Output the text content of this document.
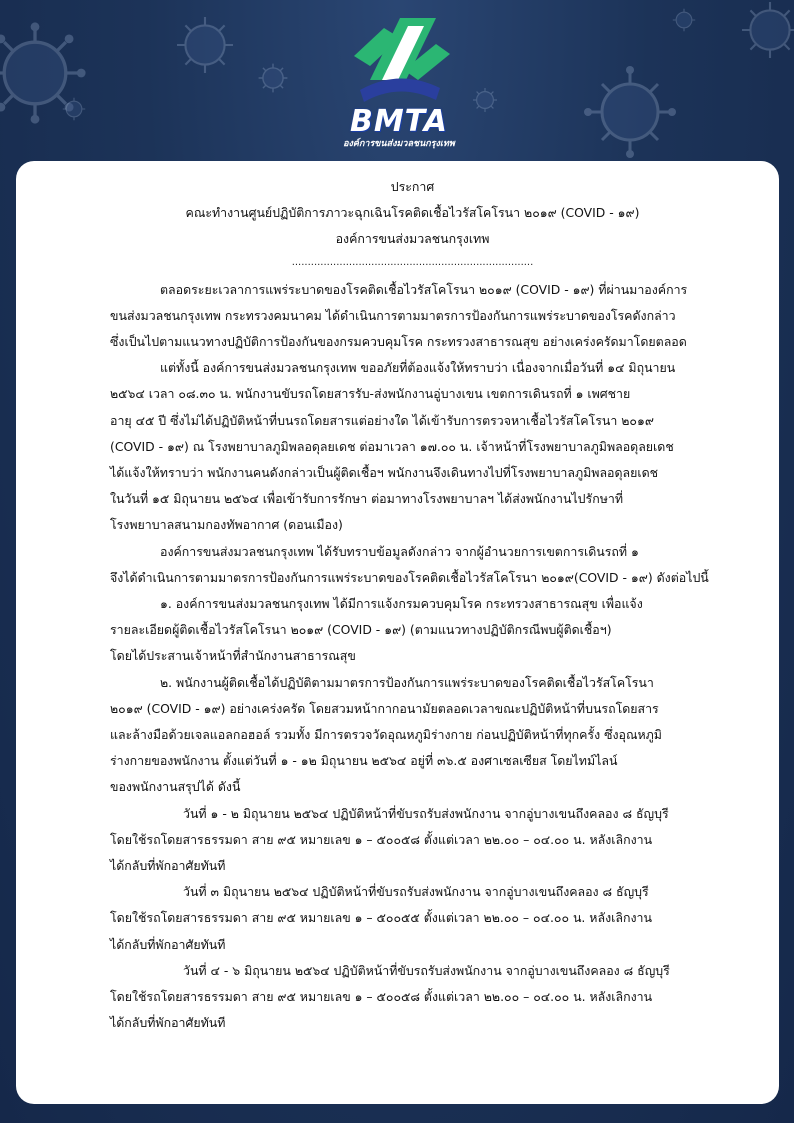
BMTA
องค์การขนส่งมวลชนกรุงเทพ
ประกาศ
คณะทำงานศูนย์ปฏิบัติการภาวะฉุกเฉินโรคติดเชื้อไวรัสโคโรนา ๒๐๑๙ (COVID - ๑๙)
องค์การขนส่งมวลชนกรุงเทพ
............................................................................
ตลอดระยะเวลาการแพร่ระบาดของโรคติดเชื้อไวรัสโคโรนา ๒๐๑๙ (COVID - ๑๙) ที่ผ่านมาองค์การ
ขนส่งมวลชนกรุงเทพ กระทรวงคมนาคม ได้ดำเนินการตามมาตรการป้องกันการแพร่ระบาดของโรคดังกล่าว
ซึ่งเป็นไปตามแนวทางปฏิบัติการป้องกันของกรมควบคุมโรค กระทรวงสาธารณสุข อย่างเคร่งครัดมาโดยตลอด
แต่ทั้งนี้ องค์การขนส่งมวลชนกรุงเทพ ขออภัยที่ต้องแจ้งให้ทราบว่า เนื่องจากเมื่อวันที่ ๑๔ มิถุนายน
๒๕๖๔ เวลา ๐๘.๓๐ น. พนักงานขับรถโดยสารรับ-ส่งพนักงานอู่บางเขน เขตการเดินรถที่ ๑ เพศชาย
อายุ ๔๕ ปี ซึ่งไม่ได้ปฏิบัติหน้าที่บนรถโดยสารแต่อย่างใด ได้เข้ารับการตรวจหาเชื้อไวรัสโคโรนา ๒๐๑๙
(COVID - ๑๙) ณ โรงพยาบาลภูมิพลอดุลยเดช ต่อมาเวลา ๑๗.๐๐ น. เจ้าหน้าที่โรงพยาบาลภูมิพลอดุลยเดช
ได้แจ้งให้ทราบว่า พนักงานคนดังกล่าวเป็นผู้ติดเชื้อฯ พนักงานจึงเดินทางไปที่โรงพยาบาลภูมิพลอดุลยเดช
ในวันที่ ๑๕ มิถุนายน ๒๕๖๔ เพื่อเข้ารับการรักษา ต่อมาทางโรงพยาบาลฯ ได้ส่งพนักงานไปรักษาที่
โรงพยาบาลสนามกองทัพอากาศ (ดอนเมือง)
องค์การขนส่งมวลชนกรุงเทพ ได้รับทราบข้อมูลดังกล่าว จากผู้อำนวยการเขตการเดินรถที่ ๑
จึงได้ดำเนินการตามมาตรการป้องกันการแพร่ระบาดของโรคติดเชื้อไวรัสโคโรนา ๒๐๑๙(COVID - ๑๙) ดังต่อไปนี้
๑. องค์การขนส่งมวลชนกรุงเทพ ได้มีการแจ้งกรมควบคุมโรค กระทรวงสาธารณสุข เพื่อแจ้ง
รายละเอียดผู้ติดเชื้อไวรัสโคโรนา ๒๐๑๙ (COVID - ๑๙) (ตามแนวทางปฏิบัติกรณีพบผู้ติดเชื้อฯ)
โดยได้ประสานเจ้าหน้าที่สำนักงานสาธารณสุข
๒. พนักงานผู้ติดเชื้อได้ปฏิบัติตามมาตรการป้องกันการแพร่ระบาดของโรคติดเชื้อไวรัสโคโรนา
๒๐๑๙ (COVID - ๑๙) อย่างเคร่งครัด โดยสวมหน้ากากอนามัยตลอดเวลาขณะปฏิบัติหน้าที่บนรถโดยสาร
และล้างมือด้วยเจลแอลกอฮอล์ รวมทั้ง มีการตรวจวัดอุณหภูมิร่างกาย ก่อนปฏิบัติหน้าที่ทุกครั้ง ซึ่งอุณหภูมิ
ร่างกายของพนักงาน ตั้งแต่วันที่ ๑ - ๑๒ มิถุนายน ๒๕๖๔ อยู่ที่ ๓๖.๕ องศาเซลเซียส โดยไทม์ไลน์
ของพนักงานสรุปได้ ดังนี้
วันที่ ๑ - ๒ มิถุนายน ๒๕๖๔ ปฏิบัติหน้าที่ขับรถรับส่งพนักงาน จากอู่บางเขนถึงคลอง ๘ ธัญบุรี
โดยใช้รถโดยสารธรรมดา สาย ๙๕ หมายเลข ๑ – ๕๐๐๕๘ ตั้งแต่เวลา ๒๒.๐๐ – ๐๔.๐๐ น. หลังเลิกงาน
ได้กลับที่พักอาศัยทันที
วันที่ ๓ มิถุนายน ๒๕๖๔ ปฏิบัติหน้าที่ขับรถรับส่งพนักงาน จากอู่บางเขนถึงคลอง ๘ ธัญบุรี
โดยใช้รถโดยสารธรรมดา สาย ๙๕ หมายเลข ๑ – ๕๐๐๕๕ ตั้งแต่เวลา ๒๒.๐๐ – ๐๔.๐๐ น. หลังเลิกงาน
ได้กลับที่พักอาศัยทันที
วันที่ ๔ - ๖ มิถุนายน ๒๕๖๔ ปฏิบัติหน้าที่ขับรถรับส่งพนักงาน จากอู่บางเขนถึงคลอง ๘ ธัญบุรี
โดยใช้รถโดยสารธรรมดา สาย ๙๕ หมายเลข ๑ – ๕๐๐๕๘ ตั้งแต่เวลา ๒๒.๐๐ – ๐๔.๐๐ น. หลังเลิกงาน
ได้กลับที่พักอาศัยทันที
